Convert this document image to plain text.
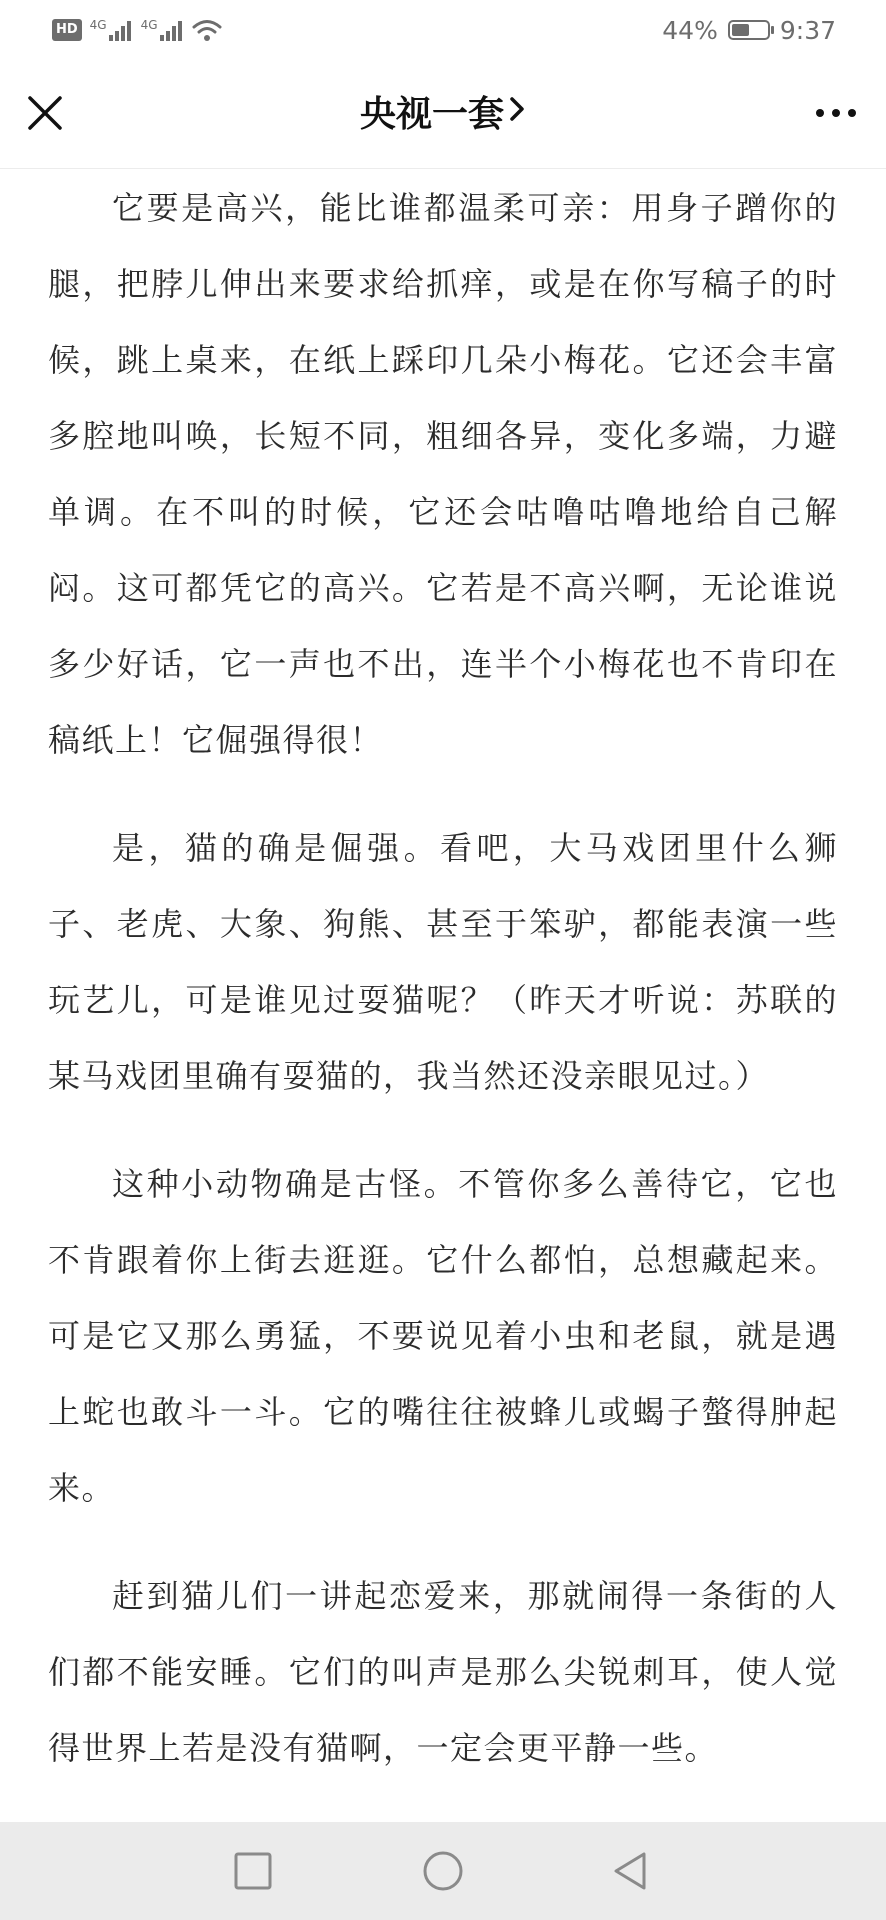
HD	4G	4G	44% 9:37
央视一套

它要是高兴，能比谁都温柔可亲：用身子蹭你的腿，把脖儿伸出来要求给抓痒，或是在你写稿子的时候，跳上桌来，在纸上踩印几朵小梅花。它还会丰富多腔地叫唤，长短不同，粗细各异，变化多端，力避单调。在不叫的时候，它还会咕噜咕噜地给自己解闷。这可都凭它的高兴。它若是不高兴啊，无论谁说多少好话，它一声也不出，连半个小梅花也不肯印在稿纸上！它倔强得很！

是，猫的确是倔强。看吧，大马戏团里什么狮子、老虎、大象、狗熊、甚至于笨驴，都能表演一些玩艺儿，可是谁见过耍猫呢？（昨天才听说：苏联的某马戏团里确有耍猫的，我当然还没亲眼见过。）

这种小动物确是古怪。不管你多么善待它，它也不肯跟着你上街去逛逛。它什么都怕，总想藏起来。可是它又那么勇猛，不要说见着小虫和老鼠，就是遇上蛇也敢斗一斗。它的嘴往往被蜂儿或蝎子螫得肿起来。

赶到猫儿们一讲起恋爱来，那就闹得一条街的人们都不能安睡。它们的叫声是那么尖锐刺耳，使人觉得世界上若是没有猫啊，一定会更平静一些。
